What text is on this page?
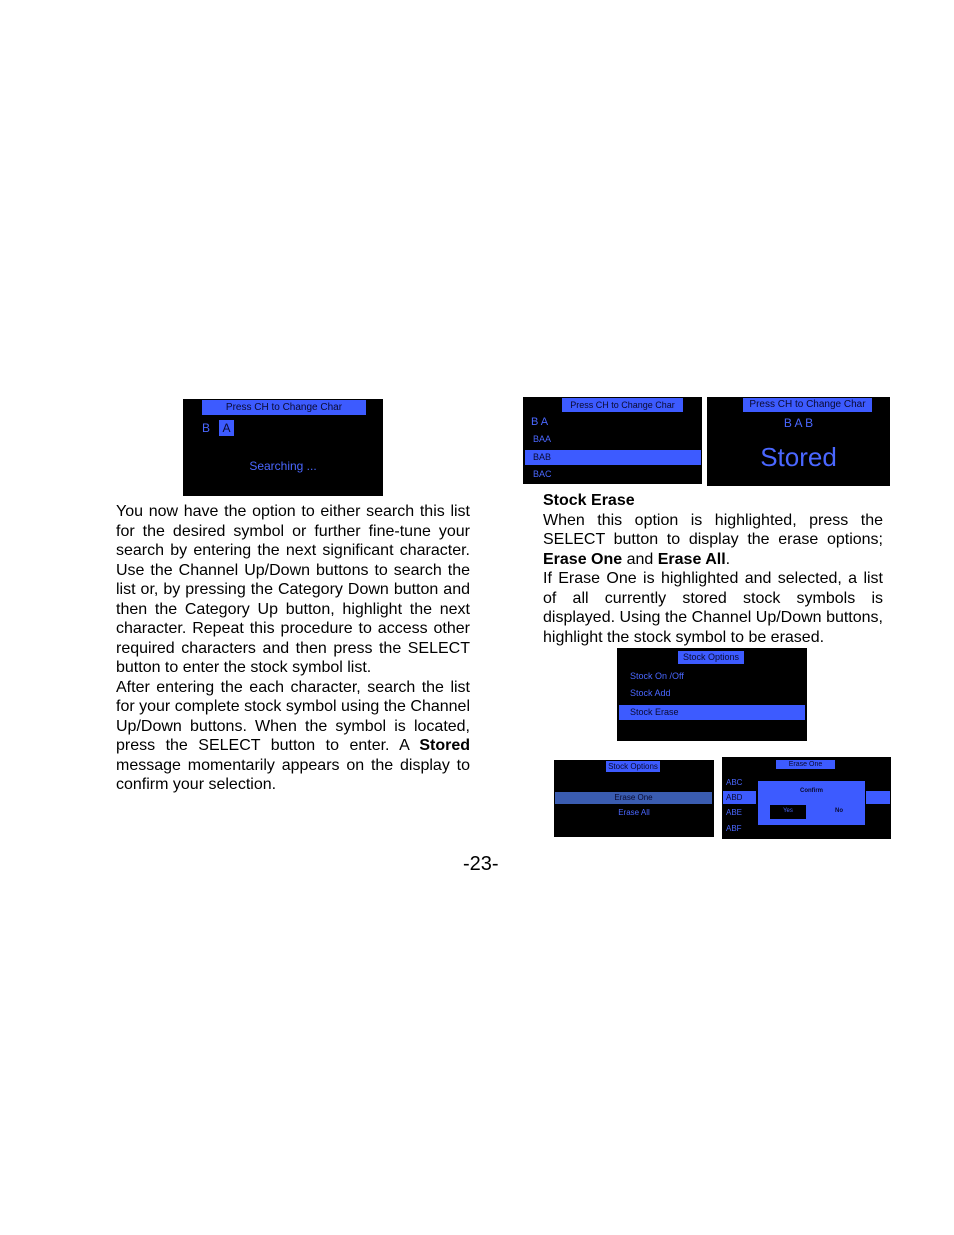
Press CH to Change Char
B A
Searching ...
Press CH to Change Char
B A
BAA
BAB
BAC
Press CH to Change Char
B A B
Stored
You now have the option to either search this list for the desired symbol or further fine-tune your search by entering the next significant character. Use the Channel Up/Down buttons to search the list or, by pressing the Category Down button and then the Category Up button, highlight the next character. Repeat this procedure to access other required characters and then press the SELECT button to enter the stock symbol list.
After entering the each character, search the list for your complete stock symbol using the Channel Up/Down buttons. When the symbol is located, press the SELECT button to enter. A Stored message momentarily appears on the display to confirm your selection.
Stock Erase
When this option is highlighted, press the SELECT button to display the erase options; Erase One and Erase All.
If Erase One is highlighted and selected, a list of all currently stored stock symbols is displayed. Using the Channel Up/Down buttons, highlight the stock symbol to be erased.
Stock Options
Stock On /Off
Stock Add
Stock Erase
Stock Options
Erase One
Erase All
Erase One
ABC
ABD
ABE
ABF
Confirm
Yes	No
-23-
